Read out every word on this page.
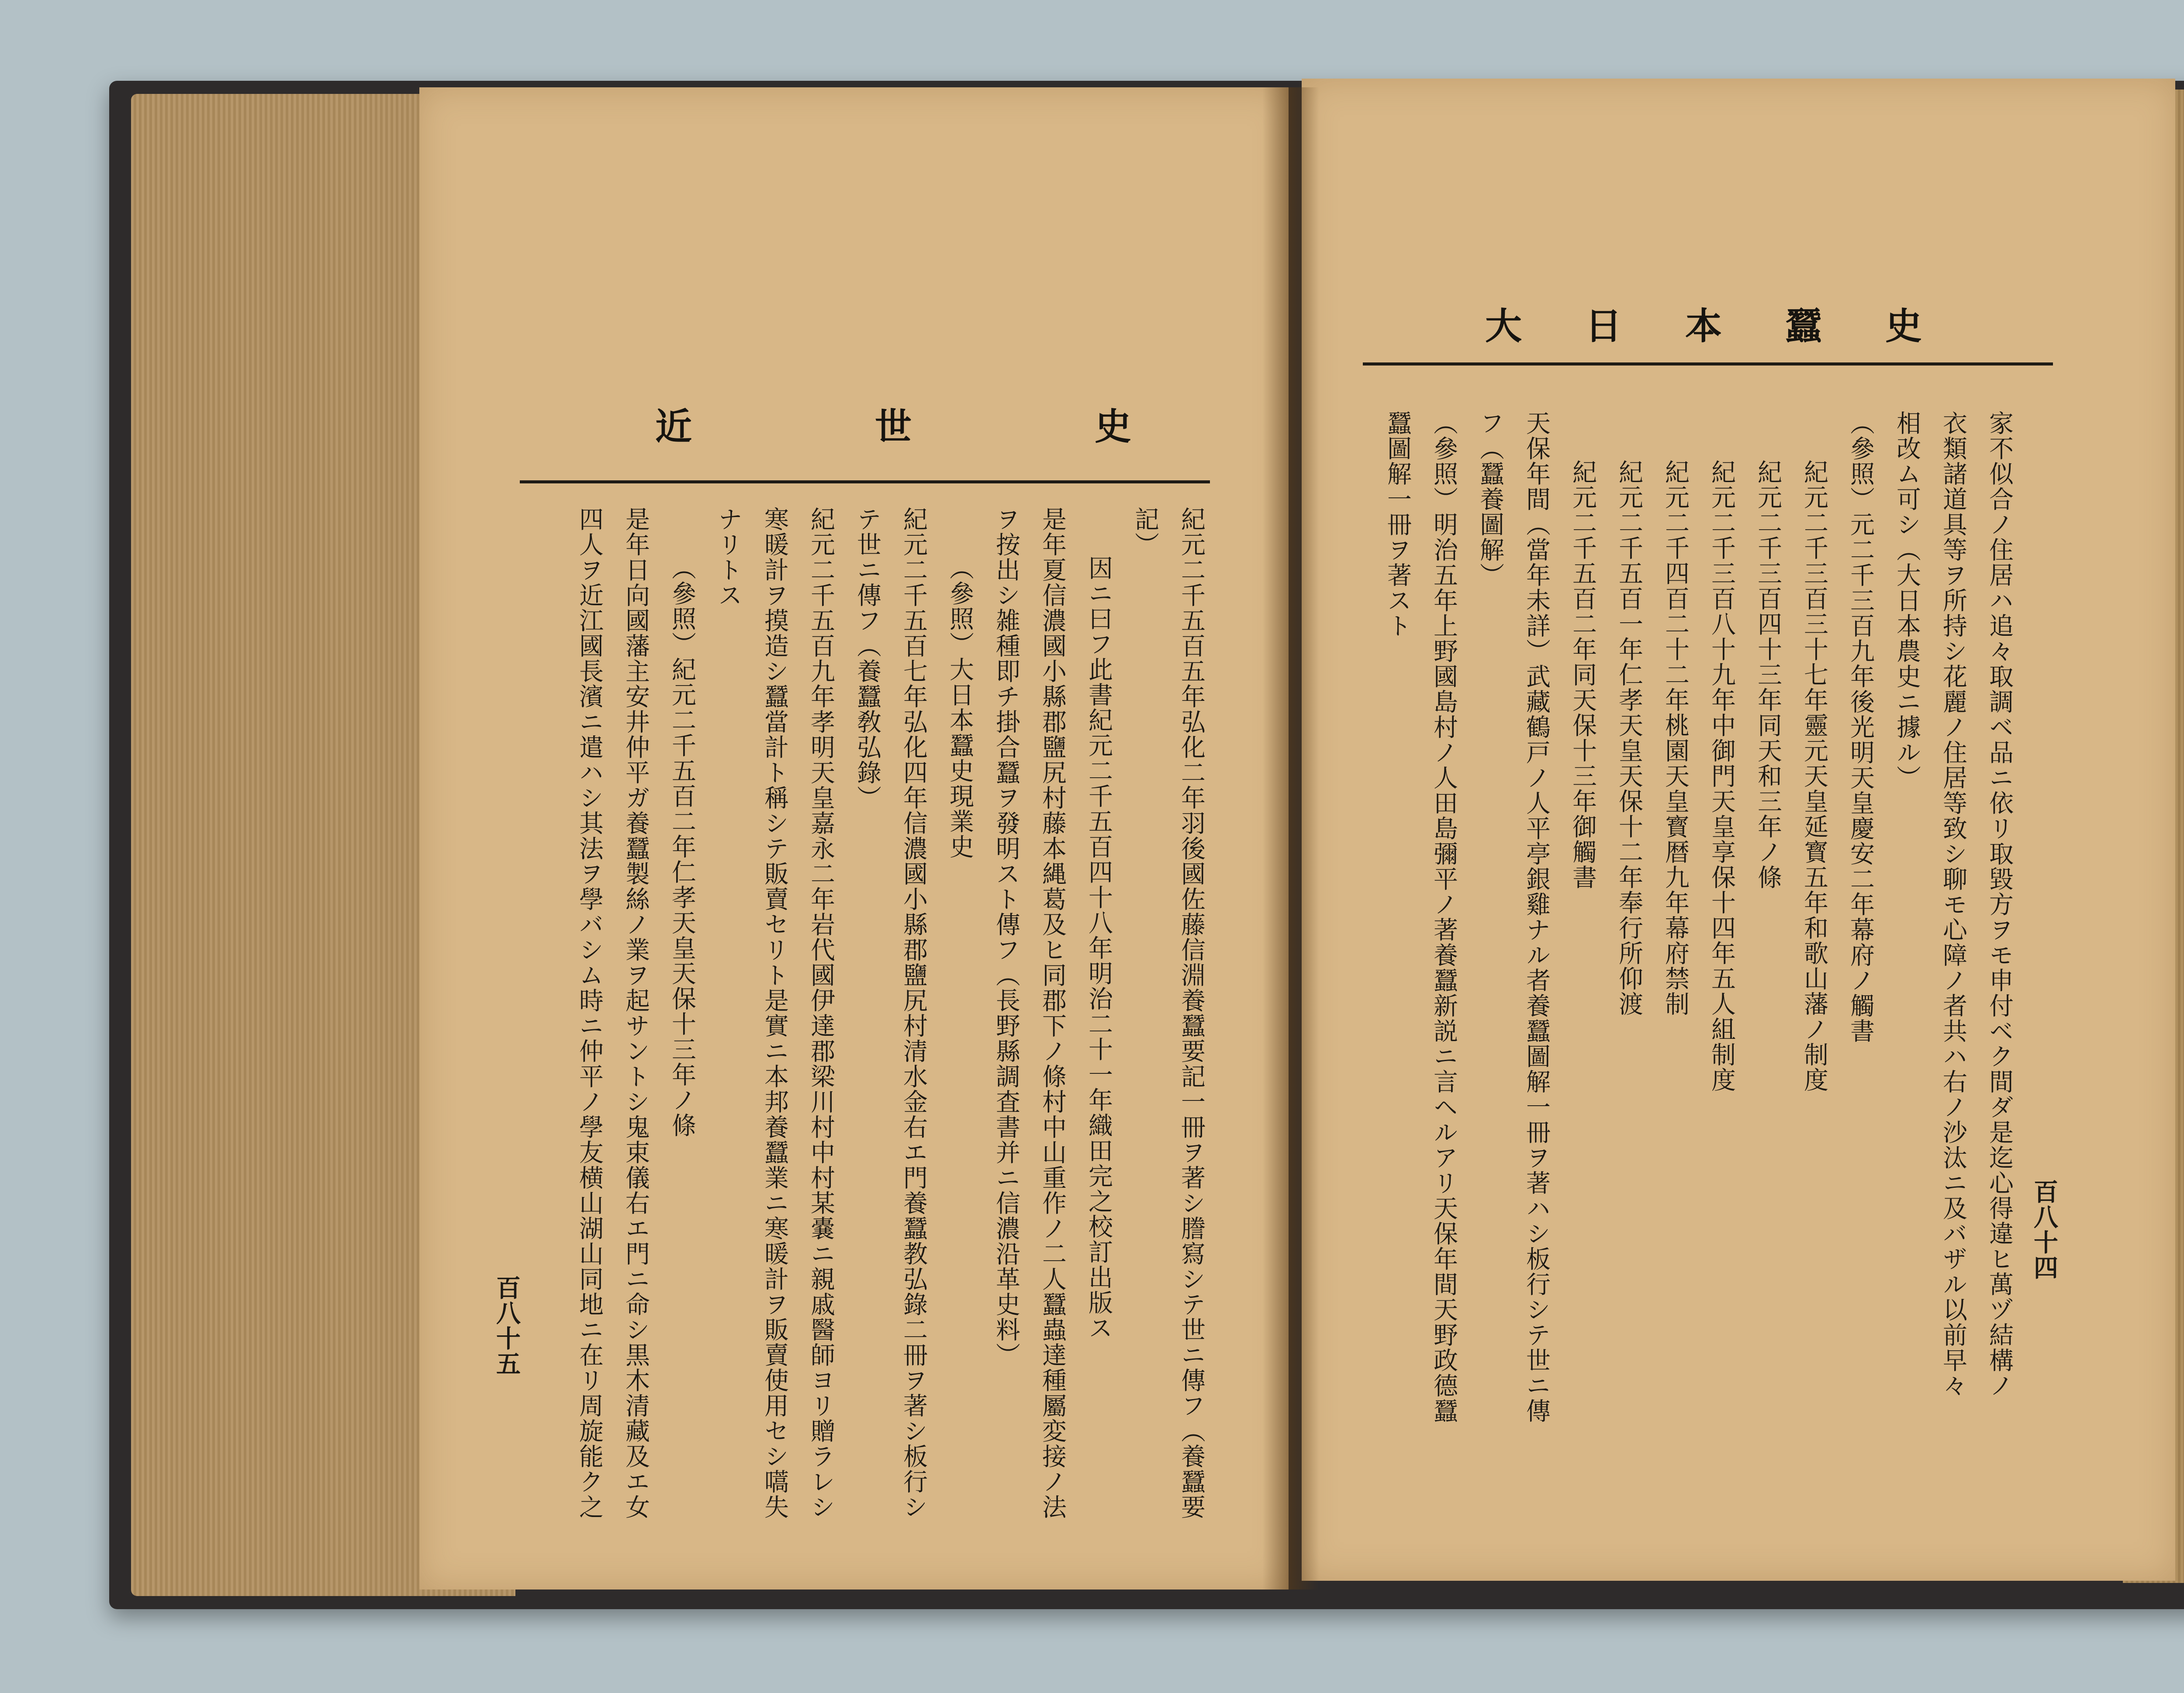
近	世	史

紀元二千五百五年弘化二年羽後國佐藤信淵養蠶要記一冊ヲ著シ謄寫シテ世ニ傳フ（養蠶要

記）

因ニ曰フ此書紀元二千五百四十八年明治二十一年織田完之校訂出版ス

是年夏信濃國小縣郡鹽尻村藤本縄葛及ヒ同郡下ノ條村中山重作ノ二人蠶蟲達種屬変接ノ法

ヲ按出シ雑種即チ掛合蠶ヲ發明スト傳フ（長野縣調査書并ニ信濃沿革史料）

（參照）大日本蠶史現業史

紀元二千五百七年弘化四年信濃國小縣郡鹽尻村清水金右エ門養蠶教弘錄二冊ヲ著シ板行シ

テ世ニ傳フ（養蠶敎弘錄）

紀元二千五百九年孝明天皇嘉永二年岩代國伊達郡梁川村中村某嚢ニ親戚醫師ヨリ贈ラレシ

寒暖計ヲ摸造シ蠶當計ト稱シテ販賣セリト是實ニ本邦養蠶業ニ寒暖計ヲ販賣使用セシ嚆失

ナリトス

（參照）紀元二千五百二年仁孝天皇天保十三年ノ條

是年日向國藩主安井仲平ガ養蠶製絲ノ業ヲ起サントシ鬼束儀右エ門ニ命シ黒木清藏及エ女

四人ヲ近江國長濱ニ遣ハシ其法ヲ學バシム時ニ仲平ノ學友横山湖山同地ニ在リ周旋能ク之

百八十五
大 日 本 蠶 史

家不似合ノ住居ハ追々取調ベ品ニ依リ取毀方ヲモ申付ベク間ダ是迄心得違ヒ萬ヅ結構ノ

衣類諸道具等ヲ所持シ花麗ノ住居等致シ聊モ心障ノ者共ハ右ノ沙汰ニ及バザル以前早々

相改ム可シ（大日本農史ニ據ル）

（參照）元二千三百九年後光明天皇慶安二年幕府ノ觸書

紀元二千三百三十七年靈元天皇延寳五年和歌山藩ノ制度

紀元二千三百四十三年同天和三年ノ條

紀元二千三百八十九年中御門天皇享保十四年五人組制度

紀元二千四百二十二年桃園天皇寳暦九年幕府禁制

紀元二千五百一年仁孝天皇天保十二年奉行所仰渡

紀元二千五百二年同天保十三年御觸書

天保年間（當年未詳）武藏鶴戸ノ人平亭銀雞ナル者養蠶圖解一冊ヲ著ハシ板行シテ世ニ傳

フ（蠶養圖解）

（參照）明治五年上野國島村ノ人田島彌平ノ著養蠶新説ニ言ヘルアリ天保年間天野政德蠶

蠶圖解一冊ヲ著スト

百八十四
